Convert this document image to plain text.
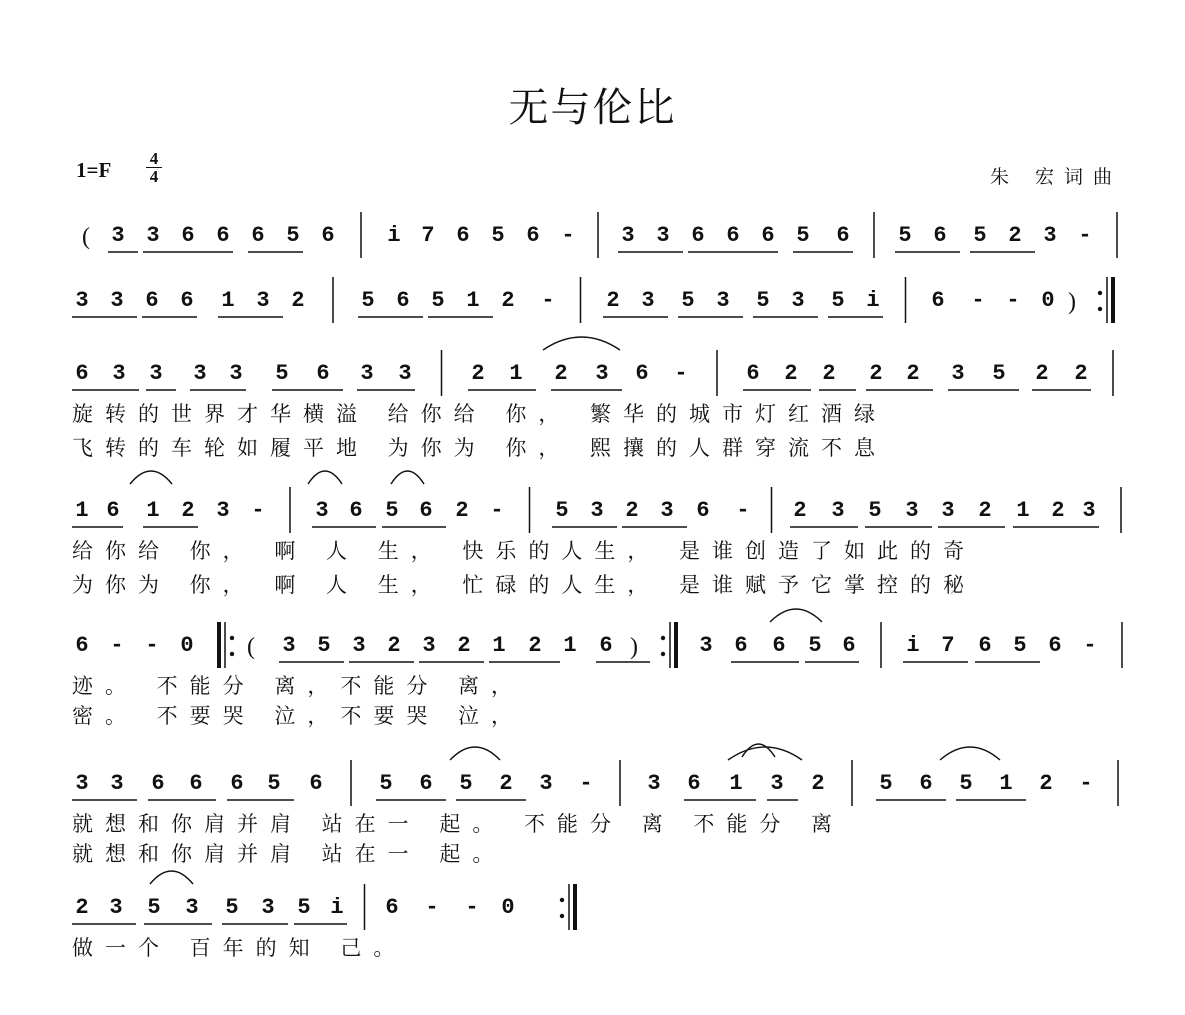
无与伦比
1=F 4
4	朱 宏词曲
( 3 3 6 6 6 5 6 i 7 6 5 6 - 3 3 6 6 6 5 6 5 6 5 2 3 -
3 3 6 6 1 3 2	5 6 5 1 2 - 2 3 5 3 5 3 5 i 6 - - 0 )
6 3 3 3 3 5 6 3 3	2 1 2 3 6 -	6 2 2 2 2 3 5 2 2
旋转的世界才华横溢 给你给 你， 繁华的城市灯红酒绿
飞转的车轮如履平地 为你为 你， 熙攘的人群穿流不息
1 6 1 2 3 - 3 6 5 6 2 - 5 3 2 3 6 - 2 3 5 3 3 2 1 2 3
给你给 你， 啊 人 生， 快乐的人生， 是谁创造了如此的奇
为你为 你， 啊 人 生， 忙碌的人生， 是谁赋予它掌控的秘
6 - - 0 ( 3 5 3 2 3 2 1 2 1 6 )	3 6 6 5 6 i 7 6 5 6 -
迹。 不能分 离，不能分 离，
密。 不要哭 泣，不要哭 泣，
3 3 6 6 6 5 6	5 6 5 2 3 - 3 6 1 3 2 5 6 5 1 2 -
就想和你肩并肩 站在一 起。 不能分 离 不能分 离
就想和你肩并肩 站在一 起。
2 3 5 3 5 3 5 i 6 - - 0
做一个 百年的知 己。
